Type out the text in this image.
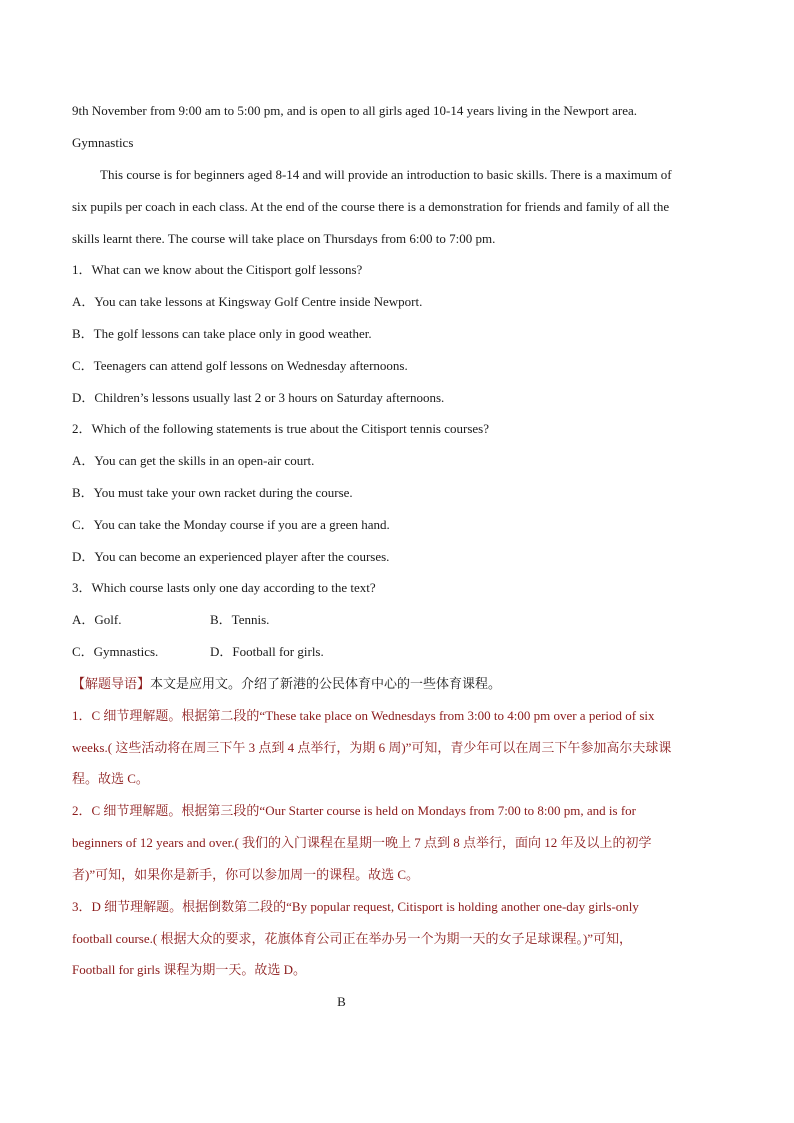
9th November from 9:00 am to 5:00 pm, and is open to all girls aged 10-14 years living in the Newport area.
Gymnastics
This course is for beginners aged 8-14 and will provide an introduction to basic skills. There is a maximum of
six pupils per coach in each class. At the end of the course there is a demonstration for friends and family of all the
skills learnt there. The course will take place on Thursdays from 6:00 to 7:00 pm.
1．What can we know about the Citisport golf lessons?
A．You can take lessons at Kingsway Golf Centre inside Newport.
B．The golf lessons can take place only in good weather.
C．Teenagers can attend golf lessons on Wednesday afternoons.
D．Children’s lessons usually last 2 or 3 hours on Saturday afternoons.
2．Which of the following statements is true about the Citisport tennis courses?
A．You can get the skills in an open-air court.
B．You must take your own racket during the course.
C．You can take the Monday course if you are a green hand.
D．You can become an experienced player after the courses.
3．Which course lasts only one day according to the text?
A．Golf.	B．Tennis.
C．Gymnastics.	D．Football for girls.
【解题导语】本文是应用文。介绍了新港的公民体育中心的一些体育课程。
1．C 细节理解题。根据第二段的“These take place on Wednesdays from 3:00 to 4:00 pm over a period of six
weeks.( 这些活动将在周三下午 3 点到 4 点举行，为期 6 周)”可知，青少年可以在周三下午参加高尔夫球课
程。故选 C。
2．C 细节理解题。根据第三段的“Our Starter course is held on Mondays from 7:00 to 8:00 pm, and is for
beginners of 12 years and over.( 我们的入门课程在星期一晚上 7 点到 8 点举行，面向 12 年及以上的初学
者)”可知，如果你是新手，你可以参加周一的课程。故选 C。
3．D 细节理解题。根据倒数第二段的“By popular request, Citisport is holding another one-day girls-only
football course.( 根据大众的要求，花旗体育公司正在举办另一个为期一天的女子足球课程。)”可知，
Football for girls 课程为期一天。故选 D。
B
